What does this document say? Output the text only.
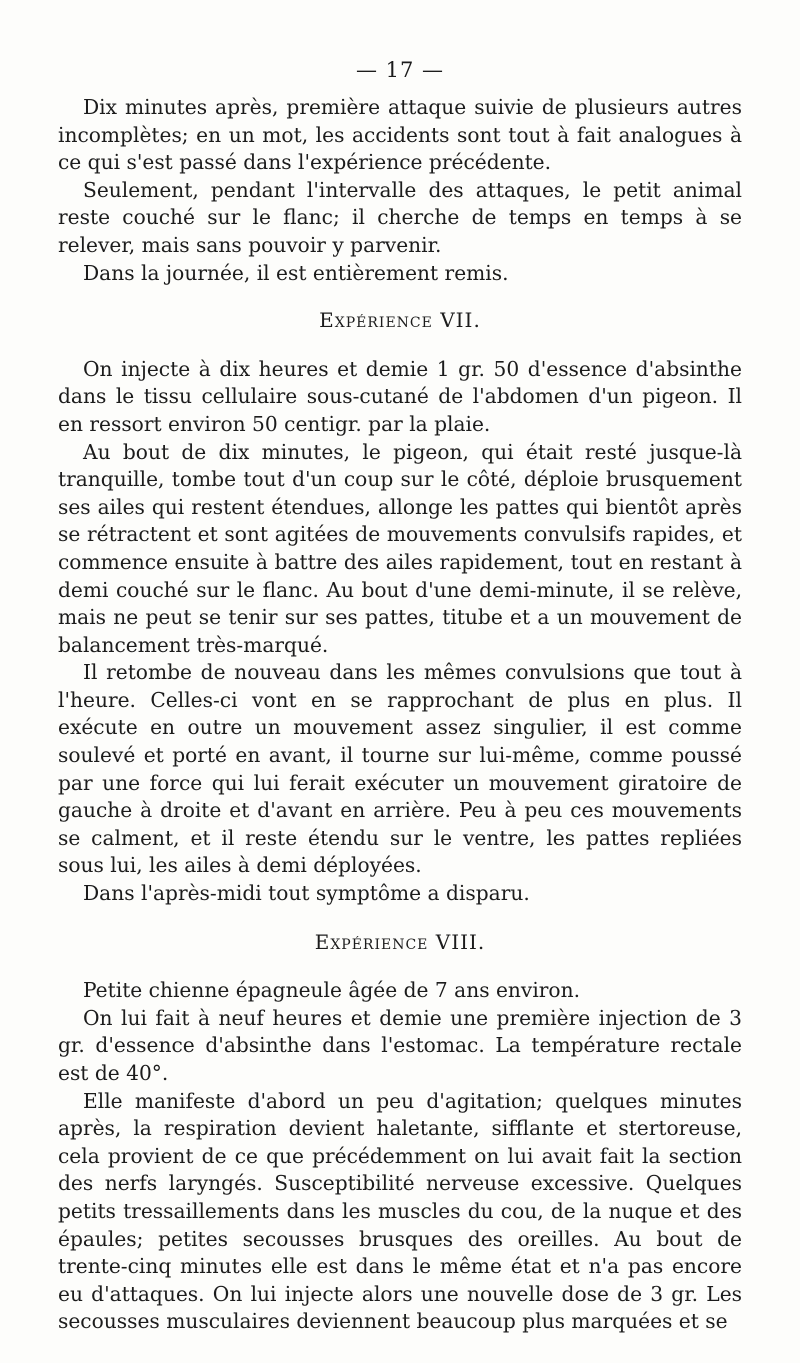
— 17 —

Dix minutes après, première attaque suivie de plusieurs autres incomplètes; en un mot, les accidents sont tout à fait analogues à ce qui s'est passé dans l'expérience précédente.

Seulement, pendant l'intervalle des attaques, le petit animal reste couché sur le flanc; il cherche de temps en temps à se relever, mais sans pouvoir y parvenir.

Dans la journée, il est entièrement remis.

Expérience VII.

On injecte à dix heures et demie 1 gr. 50 d'essence d'absinthe dans le tissu cellulaire sous-cutané de l'abdomen d'un pigeon. Il en ressort environ 50 centigr. par la plaie.

Au bout de dix minutes, le pigeon, qui était resté jusque-là tranquille, tombe tout d'un coup sur le côté, déploie brusquement ses ailes qui restent étendues, allonge les pattes qui bientôt après se rétractent et sont agitées de mouvements convulsifs rapides, et commence ensuite à battre des ailes rapidement, tout en restant à demi couché sur le flanc. Au bout d'une demi-minute, il se relève, mais ne peut se tenir sur ses pattes, titube et a un mouvement de balancement très-marqué.

Il retombe de nouveau dans les mêmes convulsions que tout à l'heure. Celles-ci vont en se rapprochant de plus en plus. Il exécute en outre un mouvement assez singulier, il est comme soulevé et porté en avant, il tourne sur lui-même, comme poussé par une force qui lui ferait exécuter un mouvement giratoire de gauche à droite et d'avant en arrière. Peu à peu ces mouvements se calment, et il reste étendu sur le ventre, les pattes repliées sous lui, les ailes à demi déployées.

Dans l'après-midi tout symptôme a disparu.

Expérience VIII.

Petite chienne épagneule âgée de 7 ans environ.

On lui fait à neuf heures et demie une première injection de 3 gr. d'essence d'absinthe dans l'estomac. La température rectale est de 40°.

Elle manifeste d'abord un peu d'agitation; quelques minutes après, la respiration devient haletante, sifflante et stertoreuse, cela provient de ce que précédemment on lui avait fait la section des nerfs laryngés. Susceptibilité nerveuse excessive. Quelques petits tressaillements dans les muscles du cou, de la nuque et des épaules; petites secousses brusques des oreilles. Au bout de trente-cinq minutes elle est dans le même état et n'a pas encore eu d'attaques. On lui injecte alors une nouvelle dose de 3 gr. Les secousses musculaires deviennent beaucoup plus marquées et se
